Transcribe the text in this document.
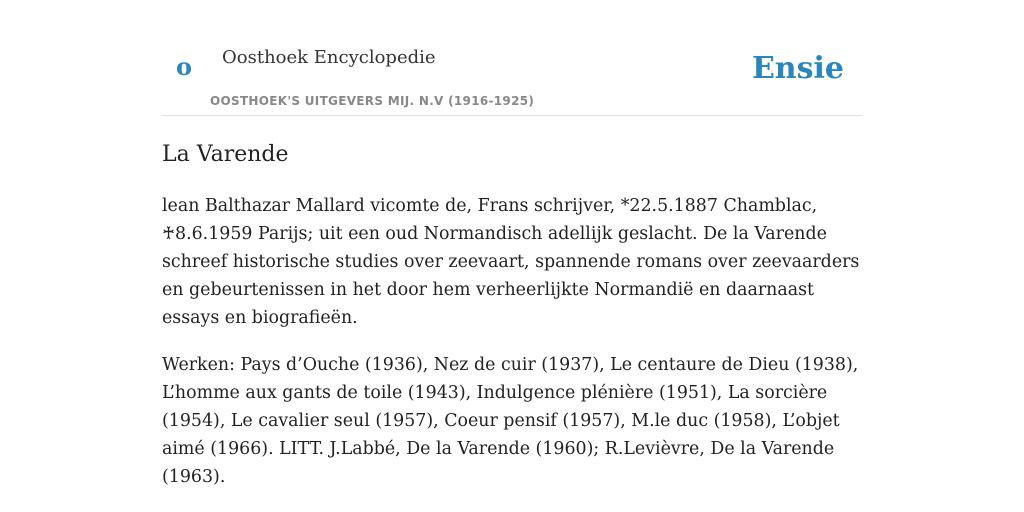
o Oosthoek Encyclopedie
OOSTHOEK'S UITGEVERS MIJ. N.V (1916-1925)
Ensie
La Varende

lean Balthazar Mallard vicomte de, Frans schrijver, *22.5.1887 Chamblac, ♰8.6.1959 Parijs; uit een oud Normandisch adellijk geslacht. De la Varende schreef historische studies over zeevaart, spannende romans over zeevaarders en gebeurtenissen in het door hem verheerlijkte Normandië en daarnaast essays en biografieën.

Werken: Pays d’Ouche (1936), Nez de cuir (1937), Le centaure de Dieu (1938), L’homme aux gants de toile (1943), Indulgence plénière (1951), La sorcière (1954), Le cavalier seul (1957), Coeur pensif (1957), M.le duc (1958), L’objet aimé (1966). LITT. J.Labbé, De la Varende (1960); R.Levièvre, De la Varende (1963).
